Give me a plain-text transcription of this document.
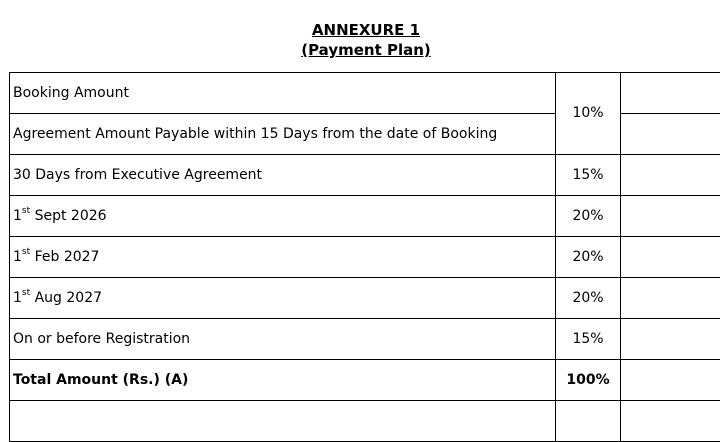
ANNEXURE 1
(Payment Plan)
Booking Amount	10%	
Agreement Amount Payable within 15 Days from the date of Booking		
30 Days from Executive Agreement	15%	
1st Sept 2026	20%	
1st Feb 2027	20%	
1st Aug 2027	20%	
On or before Registration	15%	
Total Amount (Rs.) (A)	100%	
